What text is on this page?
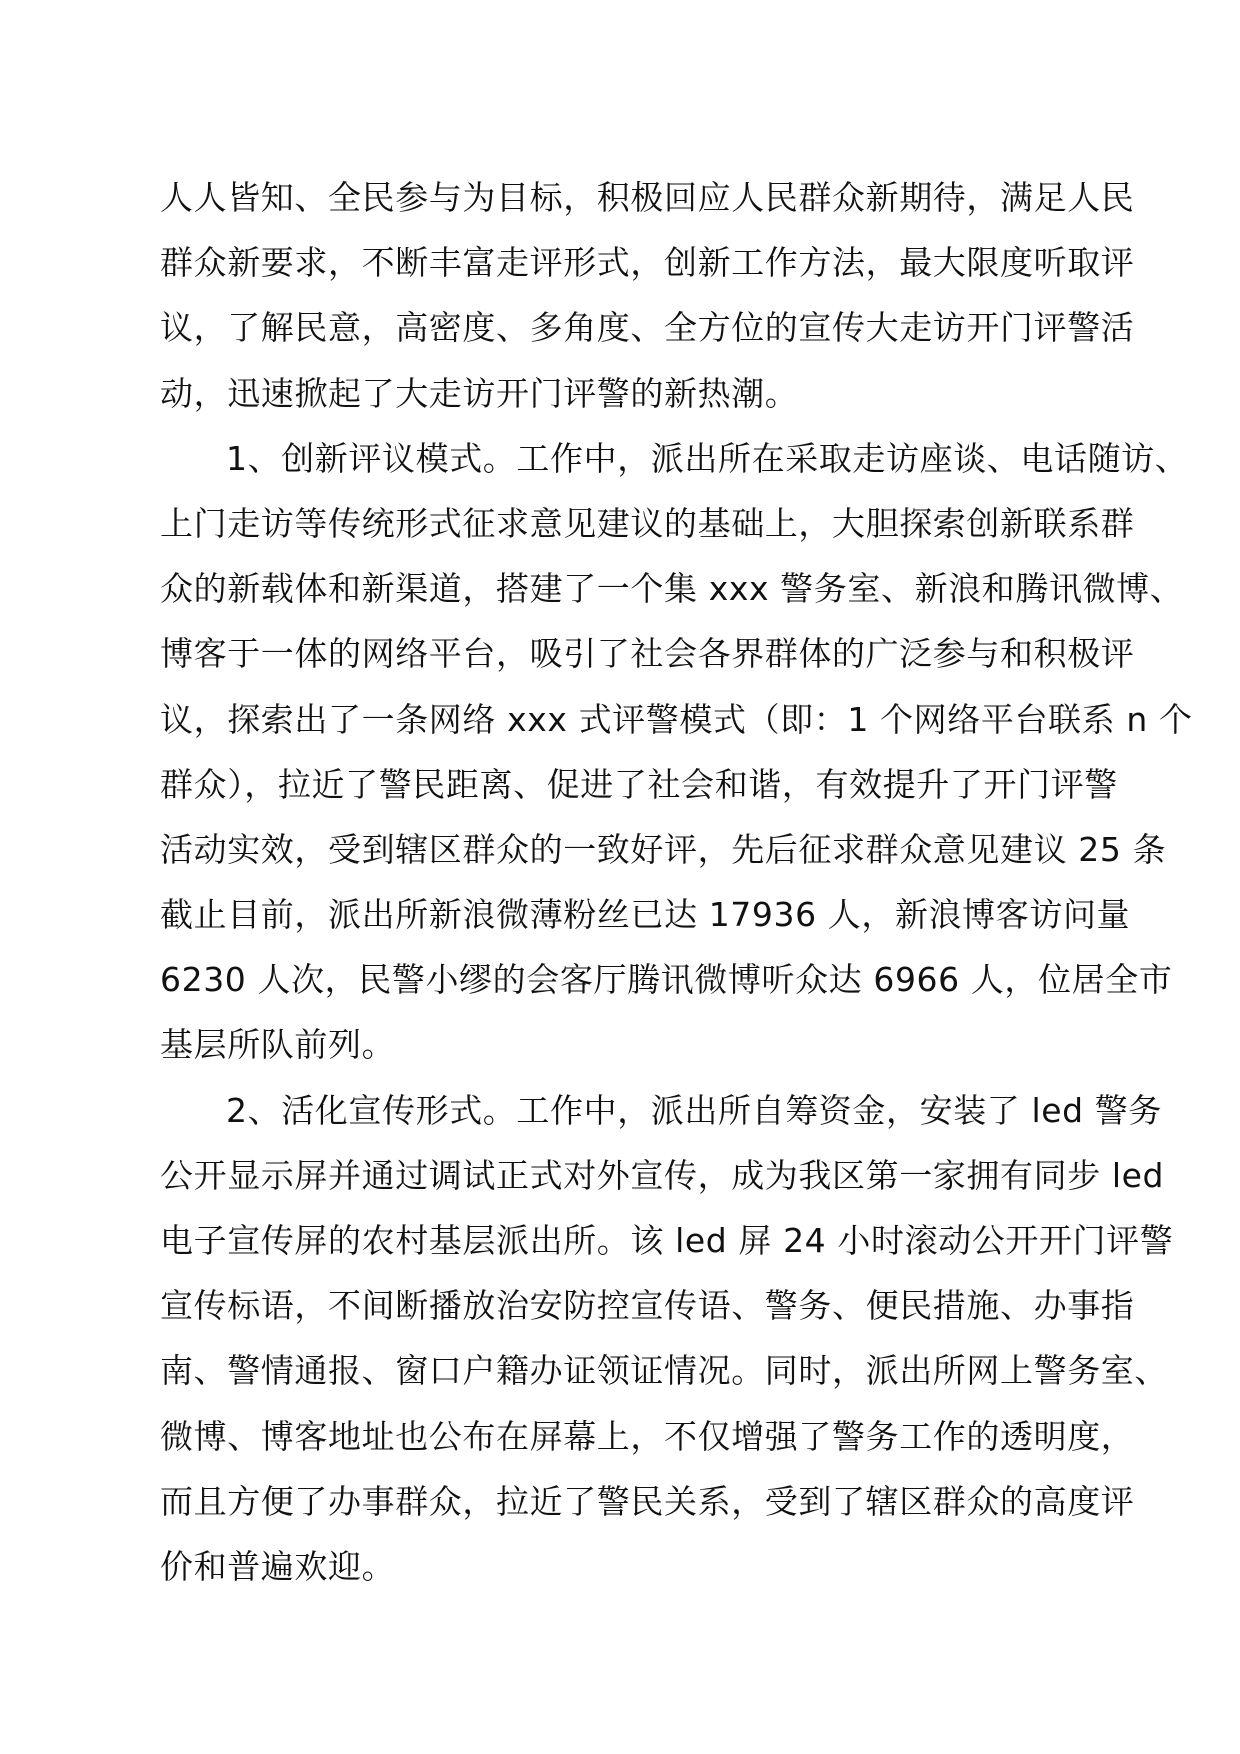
人人皆知、全民参与为目标，积极回应人民群众新期待，满足人民
群众新要求，不断丰富走评形式，创新工作方法，最大限度听取评
议，了解民意，高密度、多角度、全方位的宣传大走访开门评警活
动，迅速掀起了大走访开门评警的新热潮。
1、创新评议模式。工作中，派出所在采取走访座谈、电话随访、
上门走访等传统形式征求意见建议的基础上，大胆探索创新联系群
众的新载体和新渠道，搭建了一个集 xxx 警务室、新浪和腾讯微博、
博客于一体的网络平台，吸引了社会各界群体的广泛参与和积极评
议，探索出了一条网络 xxx 式评警模式（即：1 个网络平台联系 n 个
群众），拉近了警民距离、促进了社会和谐，有效提升了开门评警
活动实效，受到辖区群众的一致好评，先后征求群众意见建议 25 条
截止目前，派出所新浪微薄粉丝已达 17936 人，新浪博客访问量
6230 人次，民警小缪的会客厅腾讯微博听众达 6966 人，位居全市
基层所队前列。
2、活化宣传形式。工作中，派出所自筹资金，安装了 led 警务
公开显示屏并通过调试正式对外宣传，成为我区第一家拥有同步 led
电子宣传屏的农村基层派出所。该 led 屏 24 小时滚动公开开门评警
宣传标语，不间断播放治安防控宣传语、警务、便民措施、办事指
南、警情通报、窗口户籍办证领证情况。同时，派出所网上警务室、
微博、博客地址也公布在屏幕上，不仅增强了警务工作的透明度，
而且方便了办事群众，拉近了警民关系，受到了辖区群众的高度评
价和普遍欢迎。
